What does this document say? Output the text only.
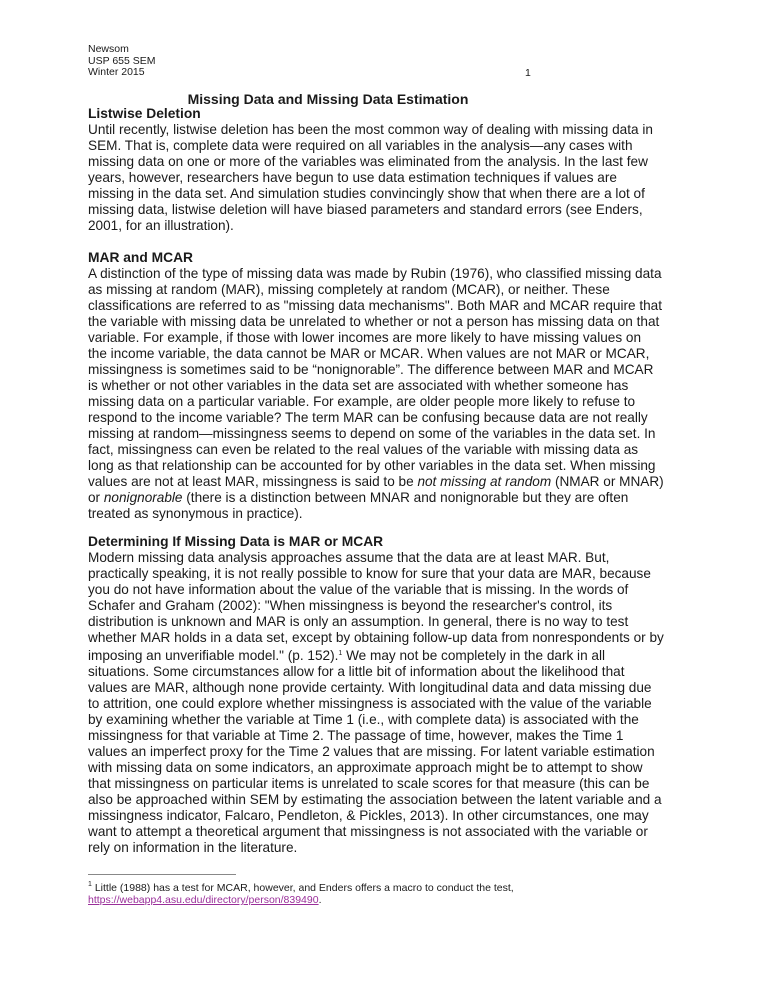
Newsom
USP 655 SEM
Winter 2015	1
Missing Data and Missing Data Estimation
Listwise Deletion
Until recently, listwise deletion has been the most common way of dealing with missing data in
SEM. That is, complete data were required on all variables in the analysis—any cases with
missing data on one or more of the variables was eliminated from the analysis. In the last few
years, however, researchers have begun to use data estimation techniques if values are
missing in the data set. And simulation studies convincingly show that when there are a lot of
missing data, listwise deletion will have biased parameters and standard errors (see Enders,
2001, for an illustration).
MAR and MCAR
A distinction of the type of missing data was made by Rubin (1976), who classified missing data
as missing at random (MAR), missing completely at random (MCAR), or neither. These
classifications are referred to as "missing data mechanisms". Both MAR and MCAR require that
the variable with missing data be unrelated to whether or not a person has missing data on that
variable. For example, if those with lower incomes are more likely to have missing values on
the income variable, the data cannot be MAR or MCAR. When values are not MAR or MCAR,
missingness is sometimes said to be “nonignorable”. The difference between MAR and MCAR
is whether or not other variables in the data set are associated with whether someone has
missing data on a particular variable. For example, are older people more likely to refuse to
respond to the income variable? The term MAR can be confusing because data are not really
missing at random—missingness seems to depend on some of the variables in the data set. In
fact, missingness can even be related to the real values of the variable with missing data as
long as that relationship can be accounted for by other variables in the data set. When missing
values are not at least MAR, missingness is said to be not missing at random (NMAR or MNAR)
or nonignorable (there is a distinction between MNAR and nonignorable but they are often
treated as synonymous in practice).
Determining If Missing Data is MAR or MCAR
Modern missing data analysis approaches assume that the data are at least MAR. But,
practically speaking, it is not really possible to know for sure that your data are MAR, because
you do not have information about the value of the variable that is missing. In the words of
Schafer and Graham (2002): "When missingness is beyond the researcher's control, its
distribution is unknown and MAR is only an assumption. In general, there is no way to test
whether MAR holds in a data set, except by obtaining follow-up data from nonrespondents or by
imposing an unverifiable model." (p. 152).$^1$ We may not be completely in the dark in all
situations. Some circumstances allow for a little bit of information about the likelihood that
values are MAR, although none provide certainty. With longitudinal data and data missing due
to attrition, one could explore whether missingness is associated with the value of the variable
by examining whether the variable at Time 1 (i.e., with complete data) is associated with the
missingness for that variable at Time 2. The passage of time, however, makes the Time 1
values an imperfect proxy for the Time 2 values that are missing. For latent variable estimation
with missing data on some indicators, an approximate approach might be to attempt to show
that missingness on particular items is unrelated to scale scores for that measure (this can be
also be approached within SEM by estimating the association between the latent variable and a
missingness indicator, Falcaro, Pendleton, & Pickles, 2013). In other circumstances, one may
want to attempt a theoretical argument that missingness is not associated with the variable or
rely on information in the literature.
$^1$ Little (1988) has a test for MCAR, however, and Enders offers a macro to conduct the test,
https://webapp4.asu.edu/directory/person/839490.
